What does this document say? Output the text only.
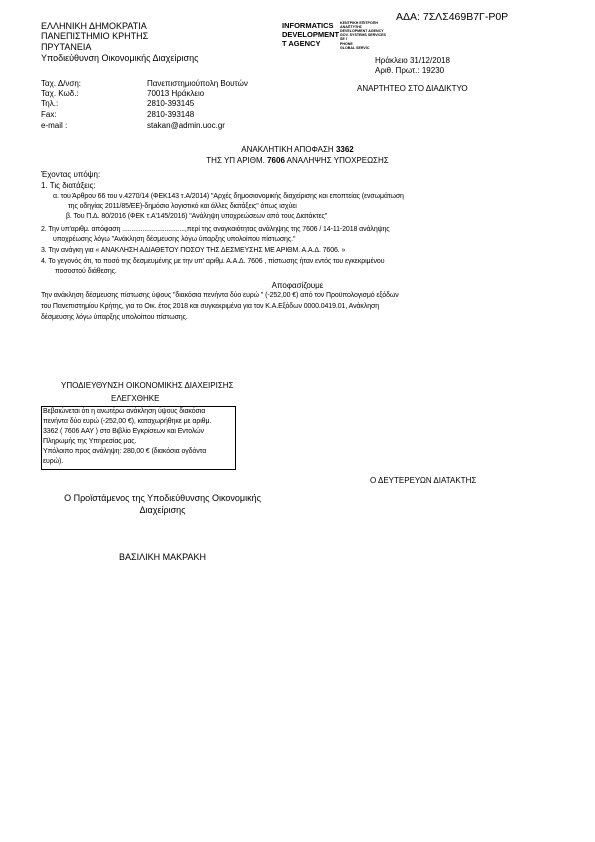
ΑΔΑ: 7ΣΛΣ469Β7Γ-Ρ0Ρ
ΕΛΛΗΝΙΚΗ ΔΗΜΟΚΡΑΤΙΑ
ΠΑΝΕΠΙΣΤΗΜΙΟ ΚΡΗΤΗΣ
ΠΡΥΤΑΝΕΙΑ
Υποδιεύθυνση Οικονομικής Διαχείρισης
INFORMATICS
DEVELOPMENT
T AGENCY
ΚΕΝΤΡΙΚΗ ΕΠΙΤΡΟΠΗ
ΑΝΑΠΤΥΞΗΣ
DEVELOPMENT AGENCY
GOV. SYSTEMS SERVICES
SE I
PHONE
GLOBAL SERVIC
Ηράκλειο 31/12/2018
Αριθ. Πρωτ.: 19230
ΑΝΑΡΤΗΤΕΟ ΣΤΟ ΔΙΑΔΙΚΤΥΟ
Ταχ. Δ/νση:	Πανεπιστημιούπολη Βουτών
Ταχ. Κωδ.:	70013 Ηράκλειο
Τηλ.:	2810-393145
Fax:	2810-393148
e-mail :	stakan@admin.uoc.gr
ΑΝΑΚΛΗΤΙΚΗ ΑΠΟΦΑΣΗ 3362
ΤΗΣ ΥΠ ΑΡΙΘΜ. 7606 ΑΝΑΛΗΨΗΣ ΥΠΟΧΡΕΩΣΗΣ
Έχοντας υπόψη:
1. Τις διατάξεις:
α. του Άρθρου 66 του ν.4270/14 (ΦΕΚ143 τ.Α/2014) "Αρχές δημοσιονομικής διαχείρισης και εποπτείας (ενσωμάτωση
της οδηγίας 2011/85/ΕΕ)-δημόσιο λογιστικό και άλλες διατάξεις" όπως ισχύει
β. Του Π.Δ. 80/2016 (ΦΕΚ τ.Α'145/2016) "Ανάληψη υποχρεώσεων από τους Διατάκτες"
2. Την υπ'αριθμ. απόφαση ..................................,περί της αναγκαιότητας ανάληψης της 7606 / 14-11-2018 ανάληψης
υποχρέωσης λόγω "Ανάκληση δέσμευσης λόγω ύπαρξης υπολοίπου πίστωσης."
3. Την ανάγκη για « ΑΝΑΚΛΗΣΗ ΑΔΙΑΘΕΤΟΥ ΠΟΣΟΥ ΤΗΣ ΔΕΣΜΕΥΣΗΣ ΜΕ ΑΡΙΘΜ. Α.Α.Δ. 7606. »
4. Το γεγονός ότι, το ποσό της δεσμευμένης με την υπ' αριθμ. Α.Α.Δ. 7606 , πίστωσης ήταν εντός του εγκεκριμένου
ποσοστού διάθεσης.
Αποφασίζουμε
Την ανάκληση δέσμευσης πίστωσης ύψους "διακόσια πενήντα δύο ευρώ " (-252,00 €) από τον Προϋπολογισμό εξόδων
του Πανεπιστημίου Κρήτης, για το Οικ. έτος 2018 και συγκεκριμένα για τον Κ.Α.Εξόδων 0000.0419.01, Ανάκληση
δέσμευσης λόγω ύπαρξης υπολοίπου πίστωσης.
ΥΠΟΔΙΕΥΘΥΝΣΗ ΟΙΚΟΝΟΜΙΚΗΣ ΔΙΑΧΕΙΡΙΣΗΣ
ΕΛΕΓΧΘΗΚΕ
Βεβαιώνεται ότι η ανωτέρω ανάκληση ύψους διακόσια
πενήντα δύο ευρώ (-252,00 €), καταχωρήθηκε με αριθμ.
3362 ( 7606 ΑΑΥ ) στο Βιβλίο Εγκρίσεων και Εντολών
Πληρωμής της Υπηρεσίας μας.
Υπόλοιπο προς ανάληψη: 280,00 € (διακόσια ογδόντα
ευρώ).
Ο ΔΕΥΤΕΡΕΥΩΝ ΔΙΑΤΑΚΤΗΣ
Ο Προϊστάμενος της Υποδιεύθυνσης Οικονομικής
Διαχείρισης
ΒΑΣΙΛΙΚΗ ΜΑΚΡΑΚΗ
